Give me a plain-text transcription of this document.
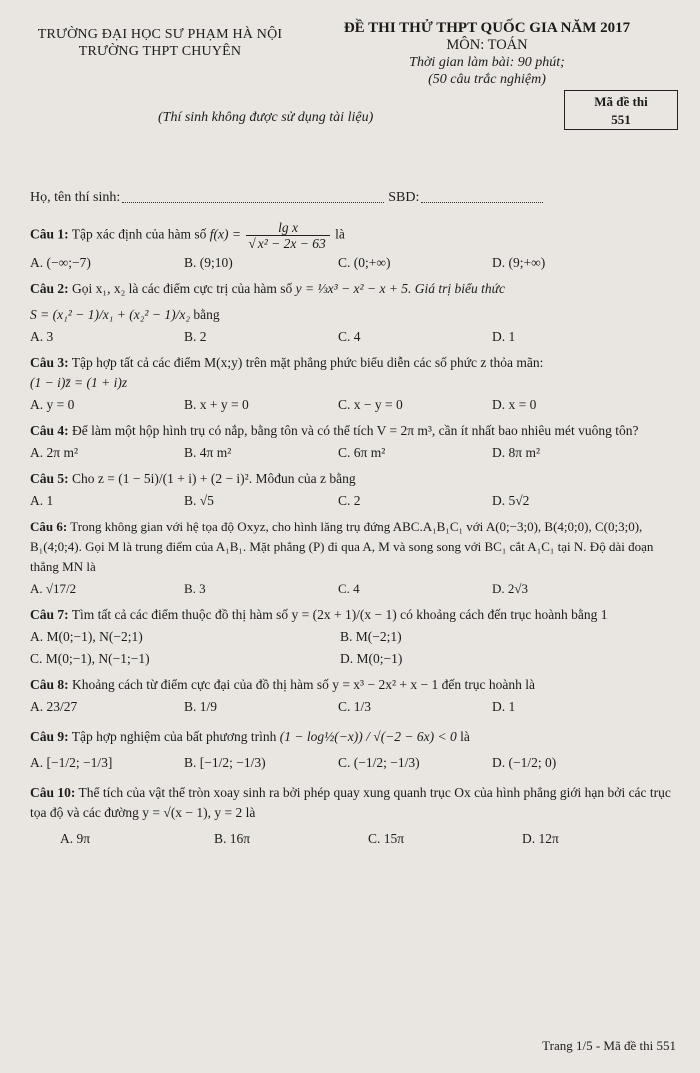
TRƯỜNG ĐẠI HỌC SƯ PHẠM HÀ NỘI
TRƯỜNG THPT CHUYÊN
ĐỀ THI THỬ THPT QUỐC GIA NĂM 2017
MÔN: TOÁN
Thời gian làm bài: 90 phút;
(50 câu trắc nghiệm)
(Thí sinh không được sử dụng tài liệu)
Mã đề thi
551
Họ, tên thí sinh:	SBD:
Câu 1: Tập xác định của hàm số $f(x) = \frac{\text{lg x}}{\text{√ x² − 2x − 63}}$ là
A. (−∞;−7)	B. (9;10)	C. (0;+∞)	D. (9;+∞)
Câu 2: Gọi x₁, x₂ là các điểm cực trị của hàm số y = ⅓x³ − x² − x + 5. Giá trị biểu thức
S = (x₁² − 1)/x₁ + (x₂² − 1)/x₂ bằng
A. 3	B. 2	C. 4	D. 1
Câu 3: Tập hợp tất cả các điểm M(x;y) trên mặt phẳng phức biểu diễn các số phức z thỏa mãn:
(1 − i)z̄ = (1 + i)z
A. y = 0	B. x + y = 0	C. x − y = 0	D. x = 0
Câu 4: Để làm một hộp hình trụ có nắp, bằng tôn và có thể tích V = 2π m³, cần ít nhất bao nhiêu mét vuông tôn?
A. 2π m²	B. 4π m²	C. 6π m²	D. 8π m²
Câu 5: Cho z = (1 − 5i)/(1 + i) + (2 − i)². Môđun của z bằng
A. 1	B. √5	C. 2	D. 5√2
Câu 6: Trong không gian với hệ tọa độ Oxyz, cho hình lăng trụ đứng ABC.A₁B₁C₁ với A(0;−3;0), B(4;0;0), C(0;3;0), B₁(4;0;4). Gọi M là trung điểm của A₁B₁. Mặt phẳng (P) đi qua A, M và song song với BC₁ cắt A₁C₁ tại N. Độ dài đoạn thẳng MN là
A. √17/2	B. 3	C. 4	D. 2√3
Câu 7: Tìm tất cả các điểm thuộc đồ thị hàm số y = (2x + 1)/(x − 1) có khoảng cách đến trục hoành bằng 1
A. M(0;−1), N(−2;1)	B. M(−2;1)
C. M(0;−1), N(−1;−1)	D. M(0;−1)
Câu 8: Khoảng cách từ điểm cực đại của đồ thị hàm số y = x³ − 2x² + x − 1 đến trục hoành là
A. 23/27	B. 1/9	C. 1/3	D. 1
Câu 9: Tập hợp nghiệm của bất phương trình (1 − log½(−x)) / √(−2 − 6x) < 0 là
A. [−1/2; −1/3]	B. [−1/2; −1/3)	C. (−1/2; −1/3)	D. (−1/2; 0)
Câu 10: Thể tích của vật thể tròn xoay sinh ra bởi phép quay xung quanh trục Ox của hình phẳng giới hạn bởi các trục tọa độ và các đường y = √(x − 1), y = 2 là
A. 9π	B. 16π	C. 15π	D. 12π
Trang 1/5 - Mã đề thi 551
